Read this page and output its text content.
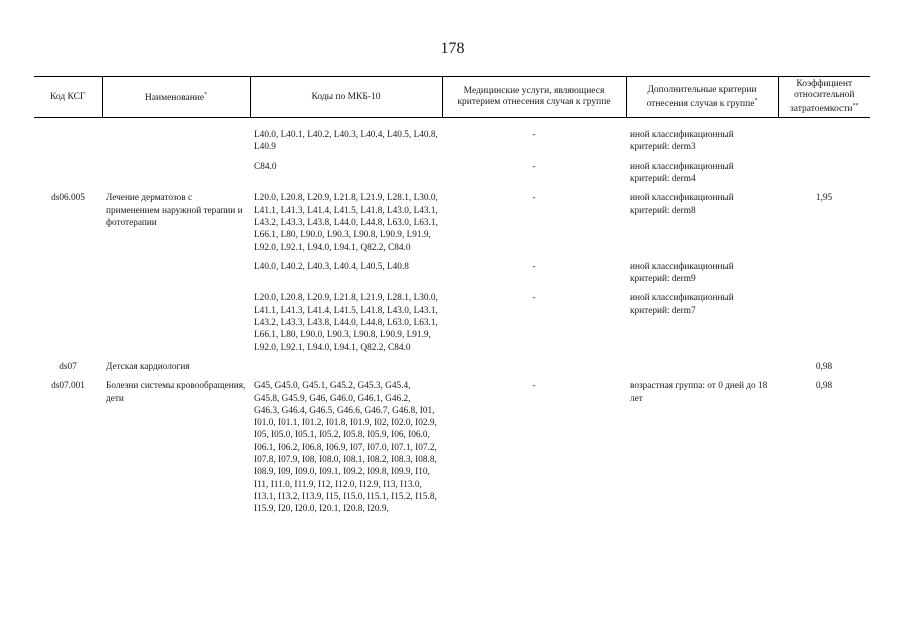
178
Код КСГ	Наименование*	Коды по МКБ-10	Медицинские услуги, являющиеся критерием отнесения случая к группе	Дополнительные критерии отнесения случая к группе*	Коэффициент относительной затратоемкости**

		L40.0, L40.1, L40.2, L40.3, L40.4, L40.5, L40.8, L40.9	-	иной классификационный критерий: derm3	
		C84.0	-	иной классификационный критерий: derm4	
ds06.005	Лечение дерматозов с применением наружной терапии и фототерапии	L20.0, L20.8, L20.9, L21.8, L21.9, L28.1, L30.0, L41.1, L41.3, L41.4, L41.5, L41.8, L43.0, L43.1, L43.2, L43.3, L43.8, L44.0, L44.8, L63.0, L63.1, L66.1, L80, L90.0, L90.3, L90.8, L90.9, L91.9, L92.0, L92.1, L94.0, L94.1, Q82.2, C84.0	-	иной классификационный критерий: derm8	1,95
		L40.0, L40.2, L40.3, L40.4, L40.5, L40.8	-	иной классификационный критерий: derm9	
		L20.0, L20.8, L20.9, L21.8, L21.9, L28.1, L30.0, L41.1, L41.3, L41.4, L41.5, L41.8, L43.0, L43.1, L43.2, L43.3, L43.8, L44.0, L44.8, L63.0, L63.1, L66.1, L80, L90.0, L90.3, L90.8, L90.9, L91.9, L92.0, L92.1, L94.0, L94.1, Q82.2, C84.0	-	иной классификационный критерий: derm7	
ds07	Детская кардиология				0,98
ds07.001	Болезни системы кровообращения, дети	G45, G45.0, G45.1, G45.2, G45.3, G45.4, G45.8, G45.9, G46, G46.0, G46.1, G46.2, G46.3, G46.4, G46.5, G46.6, G46.7, G46.8, I01, I01.0, I01.1, I01.2, I01.8, I01.9, I02, I02.0, I02.9, I05, I05.0, I05.1, I05.2, I05.8, I05.9, I06, I06.0, I06.1, I06.2, I06.8, I06.9, I07, I07.0, I07.1, I07.2, I07.8, I07.9, I08, I08.0, I08.1, I08.2, I08.3, I08.8, I08.9, I09, I09.0, I09.1, I09.2, I09.8, I09.9, I10, I11, I11.0, I11.9, I12, I12.0, I12.9, I13, I13.0, I13.1, I13.2, I13.9, I15, I15.0, I15.1, I15.2, I15.8, I15.9, I20, I20.0, I20.1, I20.8, I20.9,	-	возрастная группа: от 0 дней до 18 лет	0,98
